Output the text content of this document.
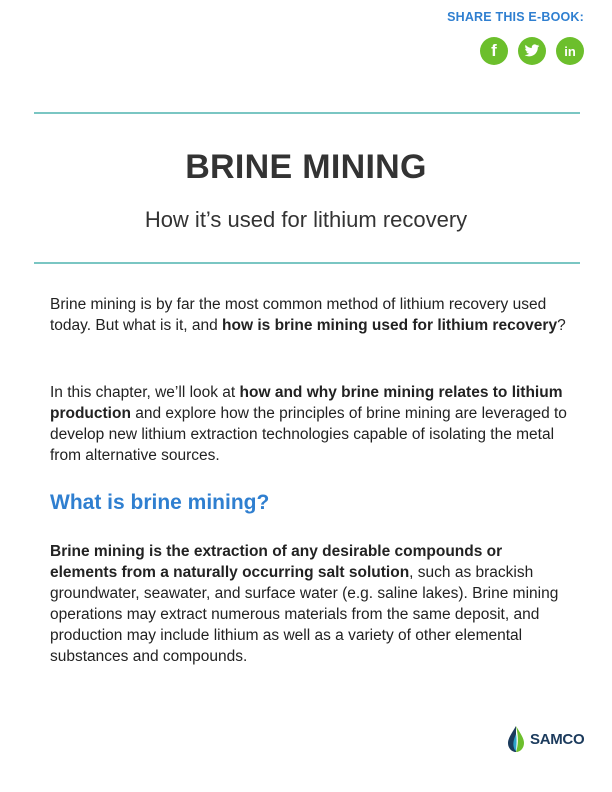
SHARE THIS E-BOOK:
f	in
BRINE MINING
How it’s used for lithium recovery

Brine mining is by far the most common method of lithium recovery used today. But what is it, and how is brine mining used for lithium recovery?

In this chapter, we’ll look at how and why brine mining relates to lithium production and explore how the principles of brine mining are leveraged to develop new lithium extraction technologies capable of isolating the metal from alternative sources.

What is brine mining?

Brine mining is the extraction of any desirable compounds or elements from a naturally occurring salt solution, such as brackish groundwater, seawater, and surface water (e.g. saline lakes). Brine mining operations may extract numerous materials from the same deposit, and production may include lithium as well as a variety of other elemental substances and compounds.

SAMCO
